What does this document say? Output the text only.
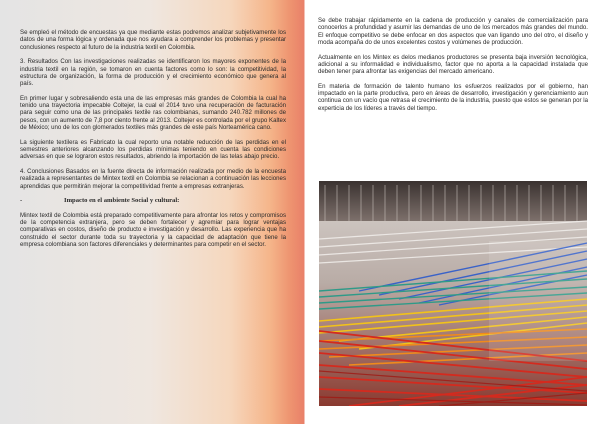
Se empleó el método de encuestas ya que mediante estas podremos analizar subjetivamente los datos de una forma lógica y ordenada que nos ayudara a comprender los problemas y presentar conclusiones respecto al futuro de la industria textil en Colombia.

3. Resultados Con las investigaciones realizadas se identificaron los mayores exponentes de la industria textil en la región, se tomaron en cuenta factores como lo son: la competitividad, la estructura de organización, la forma de producción y el crecimiento económico que genera al país.

En primer lugar y sobresaliendo esta una de las empresas más grandes de Colombia la cual ha tenido una trayectoria impecable Coltejer, la cual el 2014 tuvo una recuperación de facturación para seguir como una de las principales textile ras colombianas, sumando 240.782 millones de pesos, con un aumento de 7,8 por ciento frente al 2013. Coltejer es controlada por el grupo Kaltex de México; uno de los con glomerados textiles más grandes de este país Norteamérica cano.

La siguiente textilera es Fabricato la cual reporto una notable reducción de las perdidas en el semestres anteriores alcanzando los perdidas mínimas teniendo en cuenta las condiciones adversas en que se lograron estos resultados, abriendo la importación de las telas abajo precio.

4. Conclusiones Basados en la fuente directa de información realizada por medio de la encuesta realizada a representantes de Mintex textil en Colombia se relacionan a continuación las lecciones aprendidas que permitirán mejorar la competitividad frente a empresas extranjeras.

-	Impacto en el ambiente Social y cultural:

Mintex textil de Colombia está preparado competitivamente para afrontar los retos y compromisos de la competencia extranjera, pero se deben fortalecer y agremiar para lograr ventajas comparativas en costos, diseño de producto e investigación y desarrollo. Las experiencia que ha construido el sector durante toda su trayectoria y la capacidad de adaptación que tiene la empresa colombiana son factores diferenciales y determinantes para competir en el sector.

Se debe trabajar rápidamente en la cadena de producción y canales de comercialización para conocerlos a profundidad y asumir las demandas de uno de los mercados más grandes del mundo. El enfoque competitivo se debe enfocar en dos aspectos que van ligando uno del otro, el diseño y moda acompaña do de unos excelentes costos y volúmenes de producción.

Actualmente en los Mintex es delos medianos productores se presenta baja inversión tecnológica, adicional a su informalidad e individualismo, factor que no aporta a la capacidad instalada que deben tener para afrontar las exigencias del mercado americano.

En materia de formación de talento humano los esfuerzos realizados por el gobierno, han impactado en la parte productiva, pero en áreas de desarrollo, investigación y gerenciamiento aun continua con un vacío que retrasa el crecimiento de la industria, puesto que estos se generan por la experticia de los líderes a través del tiempo.
